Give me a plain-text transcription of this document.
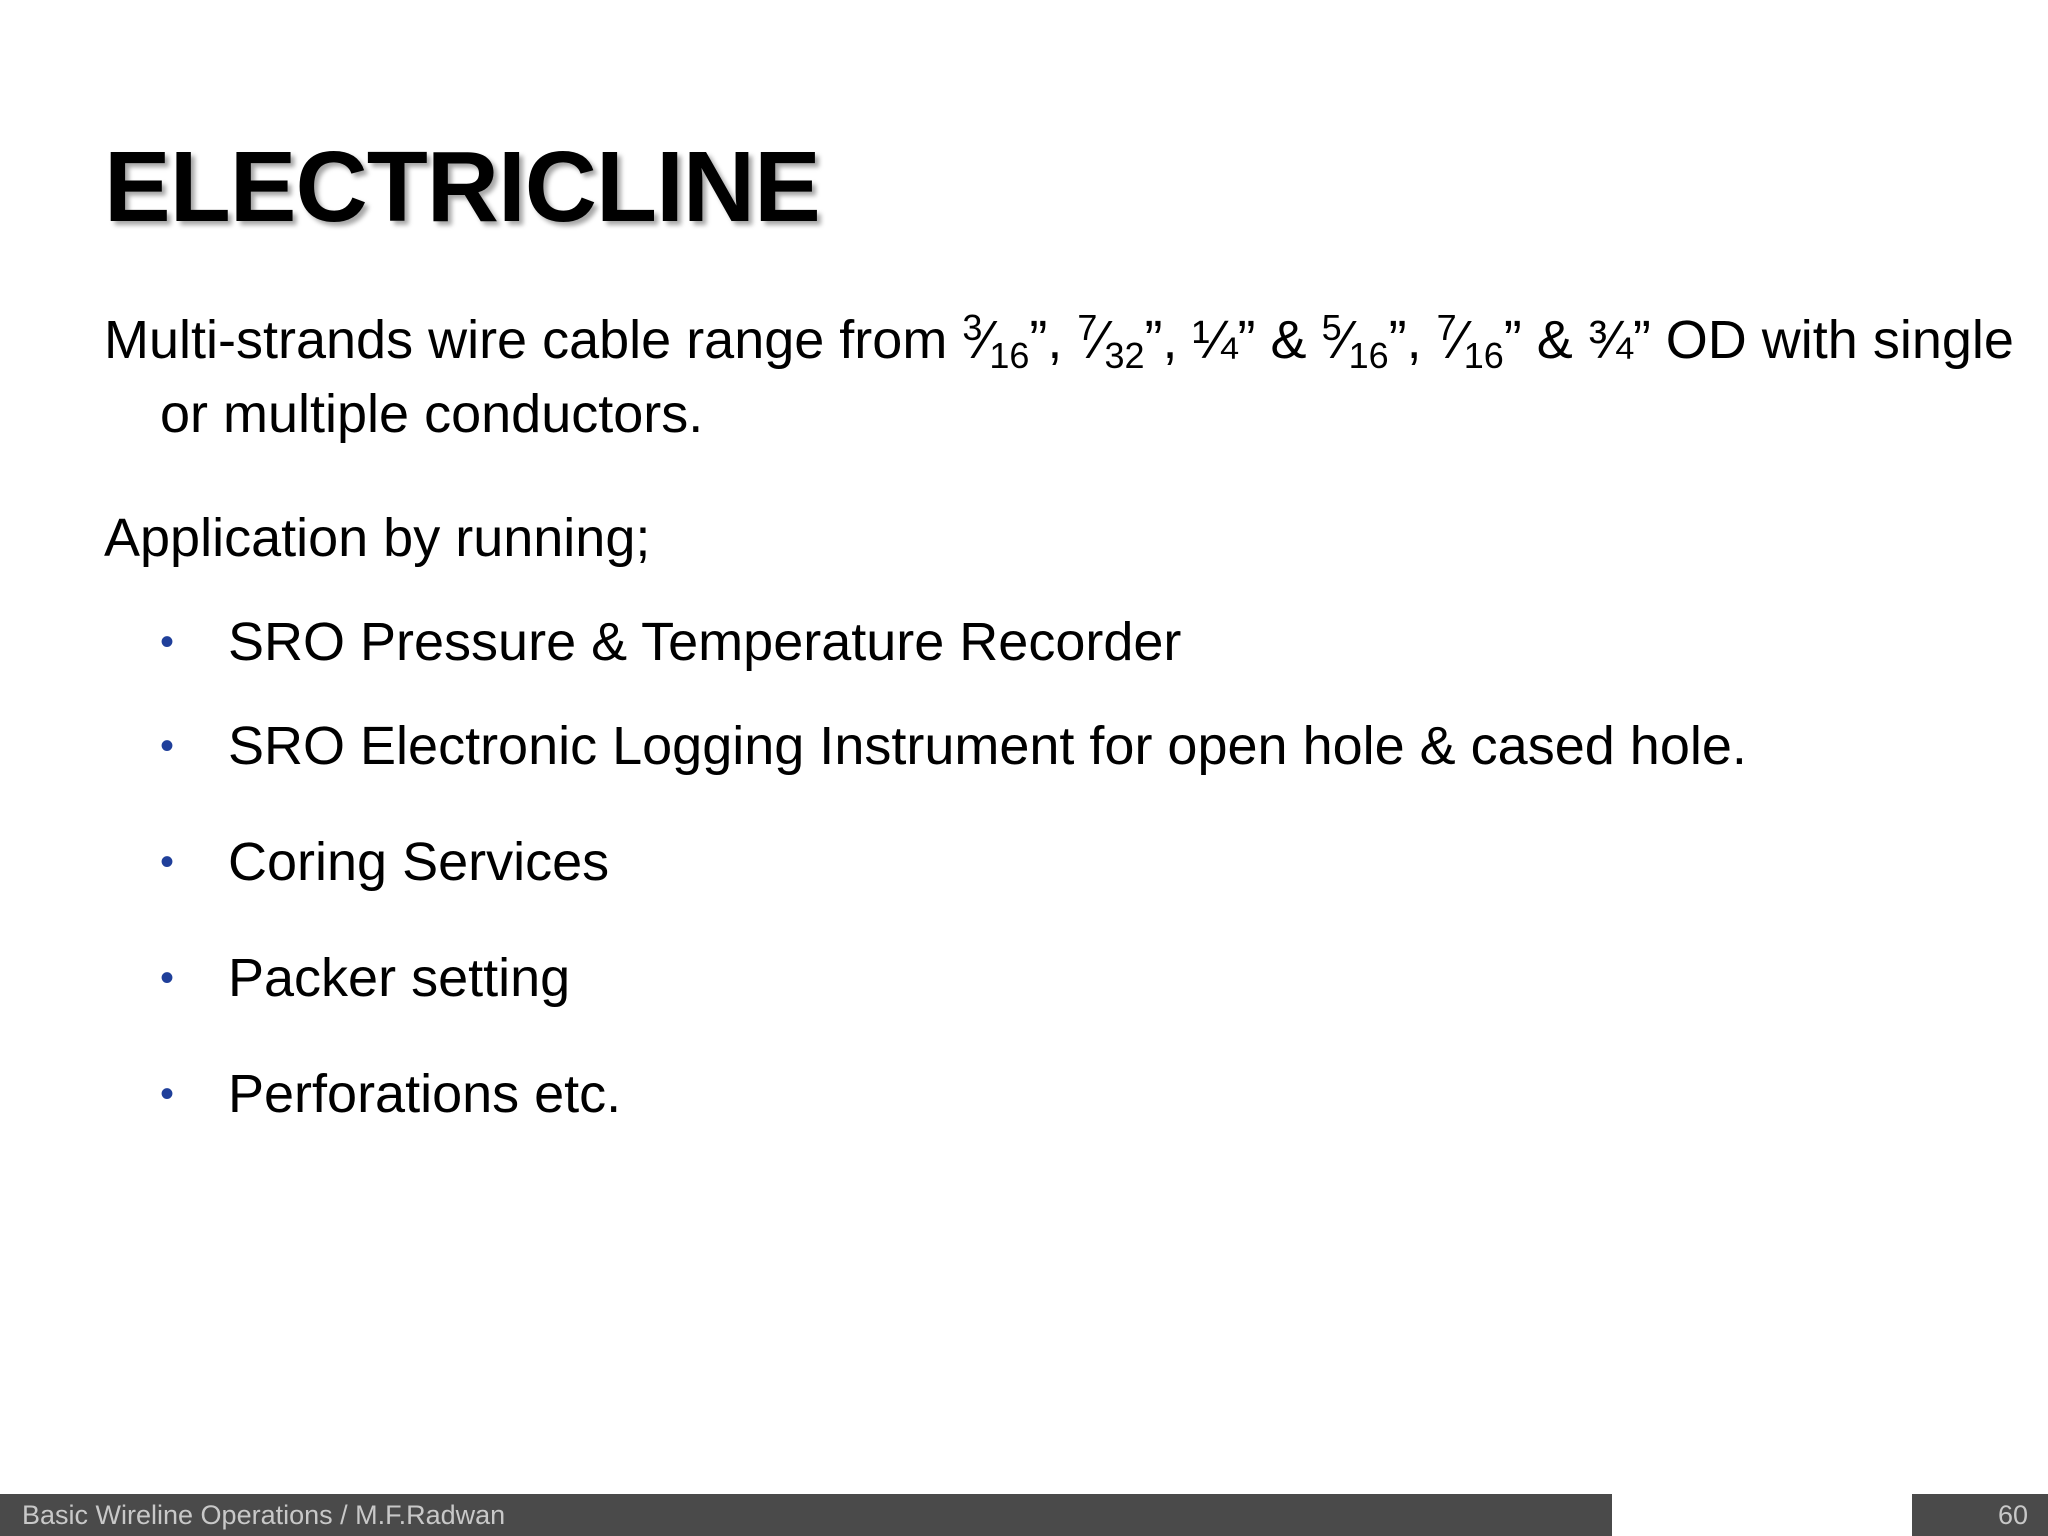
ELECTRICLINE

Multi-strands wire cable range from $^3$⁄16”, $^7$⁄32”, ¼” & $^5$⁄16”, $^7$⁄16” & ¾” OD with single or multiple conductors.

Application by running;

• SRO Pressure & Temperature Recorder
• SRO Electronic Logging Instrument for open hole & cased hole.
• Coring Services
• Packer setting
• Perforations etc.
Basic Wireline Operations / M.F.Radwan	60
